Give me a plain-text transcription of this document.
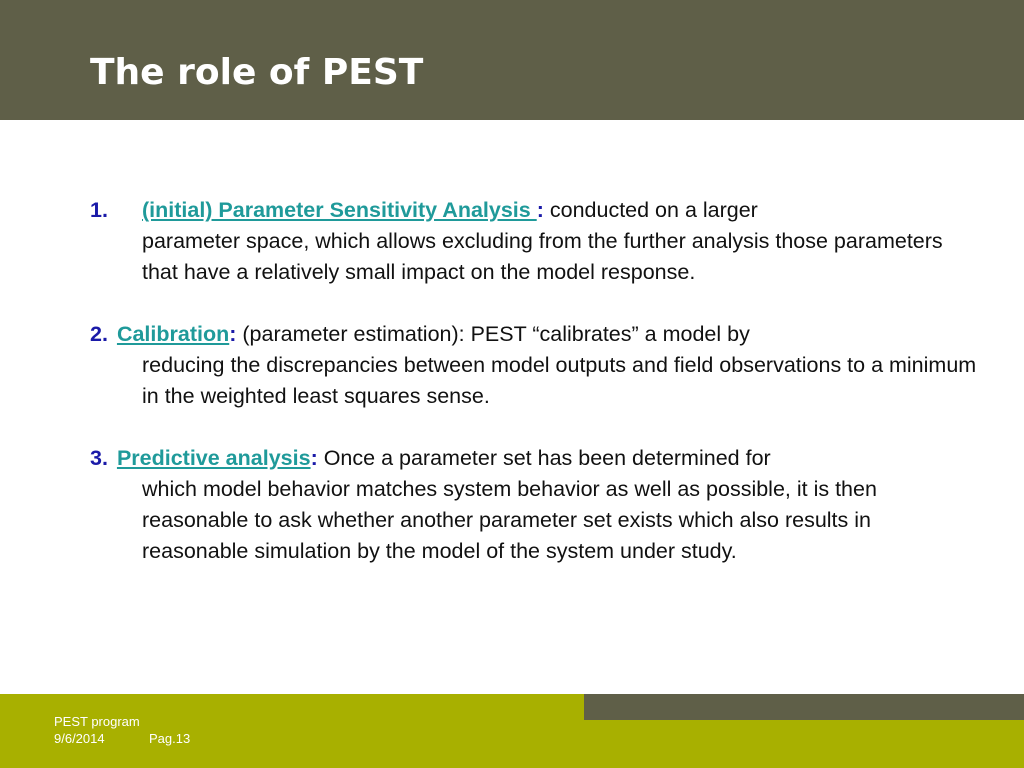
The role of PEST
1. (initial) Parameter Sensitivity Analysis : conducted on a larger
parameter space, which allows excluding from the further analysis those parameters that have a relatively small impact on the model response.
2. Calibration: (parameter estimation): PEST “calibrates” a model by
reducing the discrepancies between model outputs and field observations to a minimum in the weighted least squares sense.
3. Predictive analysis: Once a parameter set has been determined for
which model behavior matches system behavior as well as possible, it is then reasonable to ask whether another parameter set exists which also results in reasonable simulation by the model of the system under study.
PEST program
9/6/2014	Pag.13
